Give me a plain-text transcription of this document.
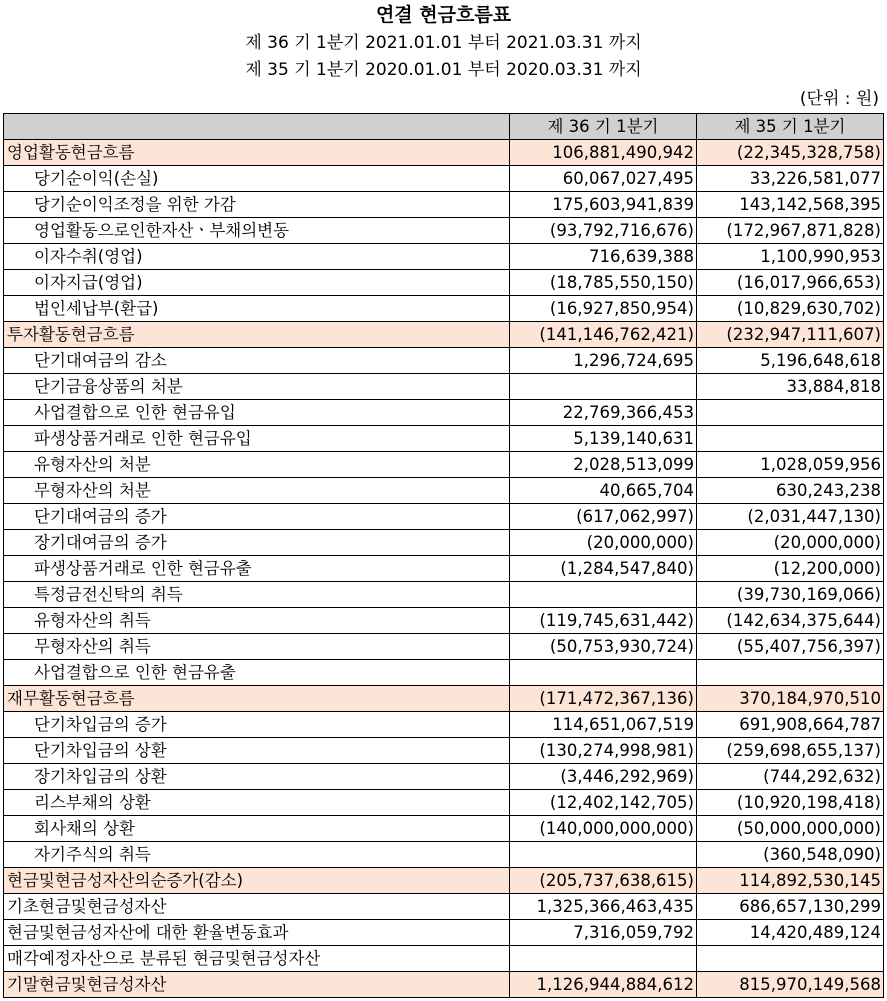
연결 현금흐름표
제 36 기 1분기 2021.01.01 부터 2021.03.31 까지
제 35 기 1분기 2020.01.01 부터 2020.03.31 까지
(단위 : 원)
	제 36 기 1분기	제 35 기 1분기
영업활동현금흐름	106,881,490,942	(22,345,328,758)
당기순이익(손실)	60,067,027,495	33,226,581,077
당기순이익조정을 위한 가감	175,603,941,839	143,142,568,395
영업활동으로인한자산ㆍ부채의변동	(93,792,716,676)	(172,967,871,828)
이자수취(영업)	716,639,388	1,100,990,953
이자지급(영업)	(18,785,550,150)	(16,017,966,653)
법인세납부(환급)	(16,927,850,954)	(10,829,630,702)
투자활동현금흐름	(141,146,762,421)	(232,947,111,607)
단기대여금의 감소	1,296,724,695	5,196,648,618
단기금융상품의 처분		33,884,818
사업결합으로 인한 현금유입	22,769,366,453	
파생상품거래로 인한 현금유입	5,139,140,631	
유형자산의 처분	2,028,513,099	1,028,059,956
무형자산의 처분	40,665,704	630,243,238
단기대여금의 증가	(617,062,997)	(2,031,447,130)
장기대여금의 증가	(20,000,000)	(20,000,000)
파생상품거래로 인한 현금유출	(1,284,547,840)	(12,200,000)
특정금전신탁의 취득		(39,730,169,066)
유형자산의 취득	(119,745,631,442)	(142,634,375,644)
무형자산의 취득	(50,753,930,724)	(55,407,756,397)
사업결합으로 인한 현금유출		
재무활동현금흐름	(171,472,367,136)	370,184,970,510
단기차입금의 증가	114,651,067,519	691,908,664,787
단기차입금의 상환	(130,274,998,981)	(259,698,655,137)
장기차입금의 상환	(3,446,292,969)	(744,292,632)
리스부채의 상환	(12,402,142,705)	(10,920,198,418)
회사채의 상환	(140,000,000,000)	(50,000,000,000)
자기주식의 취득		(360,548,090)
현금및현금성자산의순증가(감소)	(205,737,638,615)	114,892,530,145
기초현금및현금성자산	1,325,366,463,435	686,657,130,299
현금및현금성자산에 대한 환율변동효과	7,316,059,792	14,420,489,124
매각예정자산으로 분류된 현금및현금성자산		
기말현금및현금성자산	1,126,944,884,612	815,970,149,568
